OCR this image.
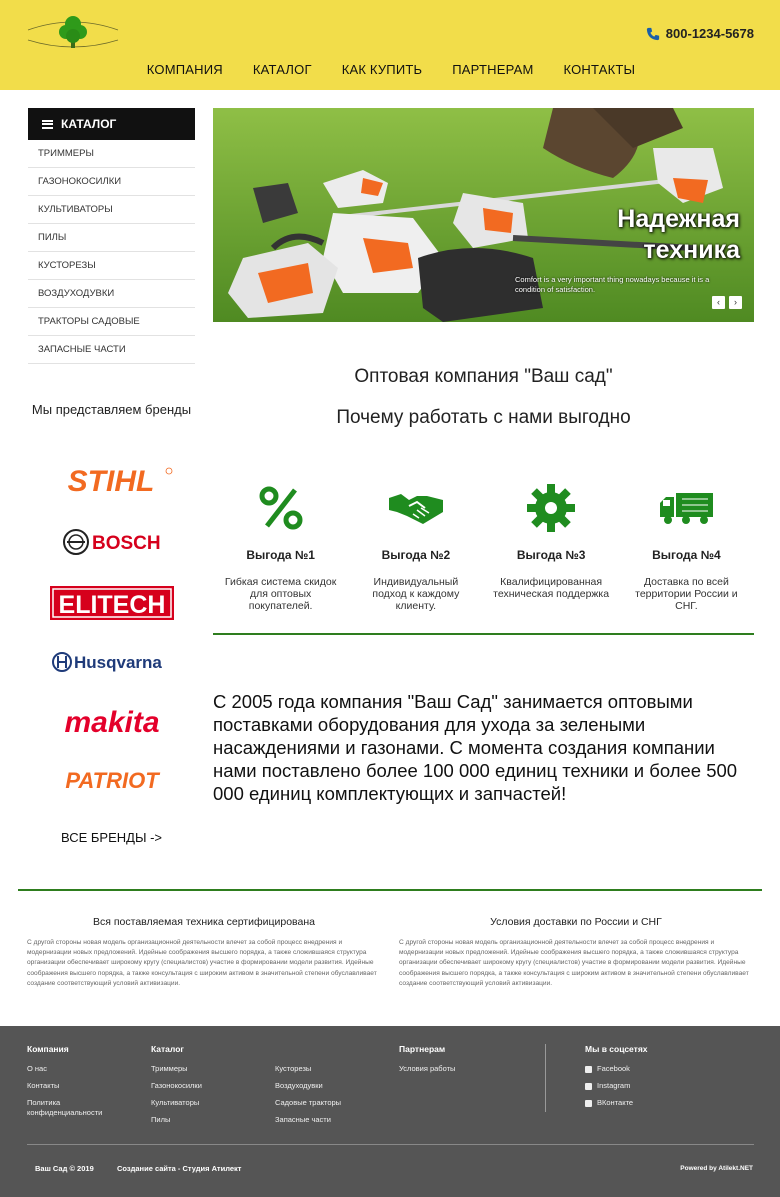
800-1234-5678
КОМПАНИЯ КАТАЛОГ КАК КУПИТЬ ПАРТНЕРАМ КОНТАКТЫ
КАТАЛОГ
ТРИММЕРЫ
ГАЗОНОКОСИЛКИ
КУЛЬТИВАТОРЫ
ПИЛЫ
КУСТОРЕЗЫ
ВОЗДУХОДУВКИ
ТРАКТОРЫ САДОВЫЕ
ЗАПАСНЫЕ ЧАСТИ
Мы представляем бренды
STIHL
BOSCH
ELITECH
Husqvarna
makita
PATRIOT
ВСЕ БРЕНДЫ ->
Надежная
техника
Comfort is a very important thing nowadays because it is a condition of satisfaction.
‹	›
Оптовая компания "Ваш сад"
Почему работать с нами выгодно
Выгода №1
Гибкая система скидок для оптовых покупателей.
Выгода №2
Индивидуальный подход к каждому клиенту.
Выгода №3
Квалифицированная техническая поддержка
Выгода №4
Доставка по всей территории России и СНГ.
С 2005 года компания "Ваш Сад" занимается оптовыми поставками оборудования для ухода за зелеными насаждениями и газонами. С момента создания компании нами поставлено более 100 000 единиц техники и более 500 000 единиц комплектующих и запчастей!
Вся поставляемая техника сертифицирована

С другой стороны новая модель организационной деятельности влечет за собой процесс внедрения и модернизации новых предложений. Идейные соображения высшего порядка, а также сложившаяся структура организации обеспечивает широкому кругу (специалистов) участие в формировании модели развития. Идейные соображения высшего порядка, а также консультация с широким активом в значительной степени обуславливает создание соответствующий условий активизации.

Условия доставки по России и СНГ

С другой стороны новая модель организационной деятельности влечет за собой процесс внедрения и модернизации новых предложений. Идейные соображения высшего порядка, а также сложившаяся структура организации обеспечивает широкому кругу (специалистов) участие в формировании модели развития. Идейные соображения высшего порядка, а также консультация с широким активом в значительной степени обуславливает создание соответствующий условий активизации.

Компания
О нас
Контакты
Политика конфиденциальности
Каталог
Триммеры
Газонокосилки
Культиваторы
Пилы
Кусторезы
Воздуходувки
Садовые тракторы
Запасные части
Партнерам
Условия работы
Мы в соцсетях
Facebook
Instagram
ВКонтакте
Ваш Сад © 2019	Создание сайта - Студия Атилект	Powered by Atilekt.NET
